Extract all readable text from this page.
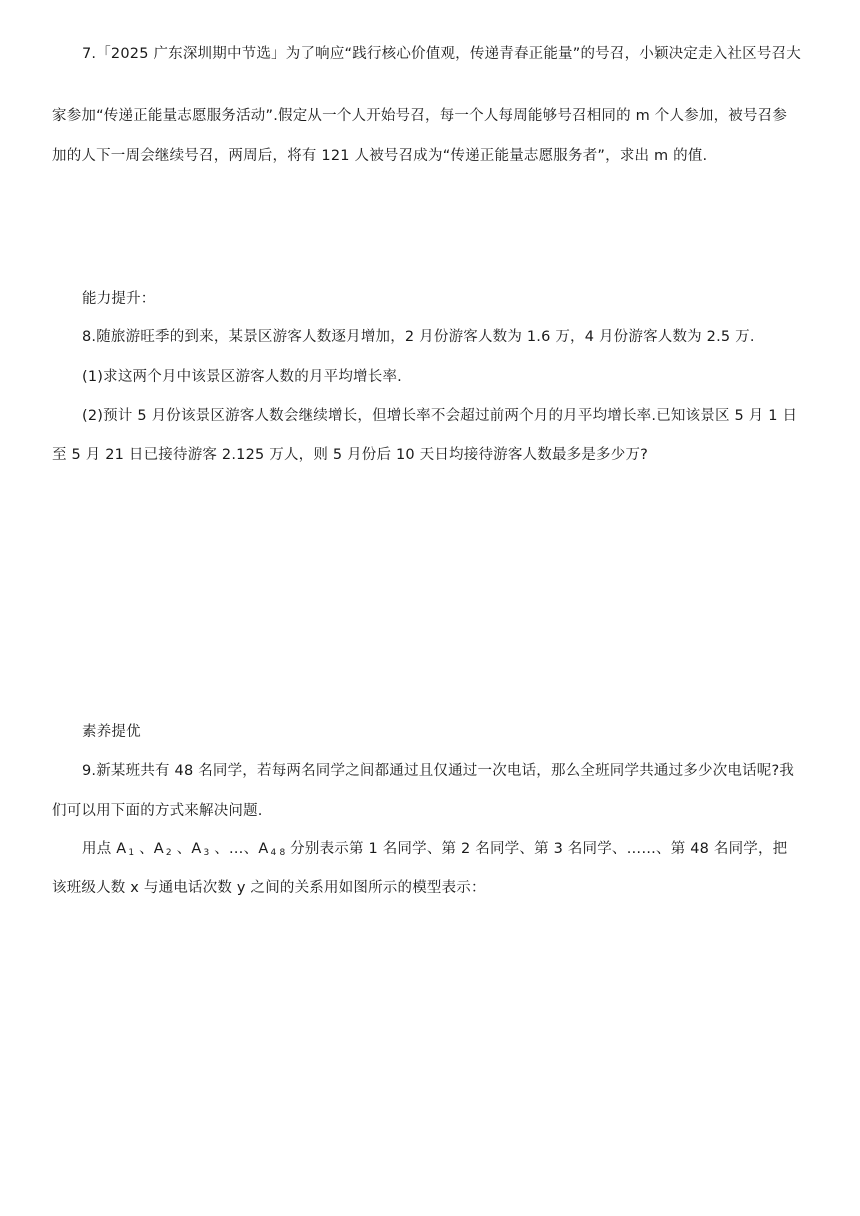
7.「2025 广东深圳期中节选」为了响应“践行核心价值观，传递青春正能量”的号召，小颖决定走入社区号召大
家参加“传递正能量志愿服务活动”.假定从一个人开始号召，每一个人每周能够号召相同的 m 个人参加，被号召参
加的人下一周会继续号召，两周后，将有 121 人被号召成为“传递正能量志愿服务者”，求出 m 的值.
能力提升：
8.随旅游旺季的到来，某景区游客人数逐月增加，2 月份游客人数为 1.6 万，4 月份游客人数为 2.5 万.
(1)求这两个月中该景区游客人数的月平均增长率.
(2)预计 5 月份该景区游客人数会继续增长，但增长率不会超过前两个月的月平均增长率.已知该景区 5 月 1 日
至 5 月 21 日已接待游客 2.125 万人，则 5 月份后 10 天日均接待游客人数最多是多少万?
素养提优
9.新某班共有 48 名同学，若每两名同学之间都通过且仅通过一次电话，那么全班同学共通过多少次电话呢?我
们可以用下面的方式来解决问题.
用点 A $_1$ 、A $_2$ 、A $_3$ 、…、A $_{4 8}$ 分别表示第 1 名同学、第 2 名同学、第 3 名同学、……、第 48 名同学，把
该班级人数 x 与通电话次数 y 之间的关系用如图所示的模型表示：
